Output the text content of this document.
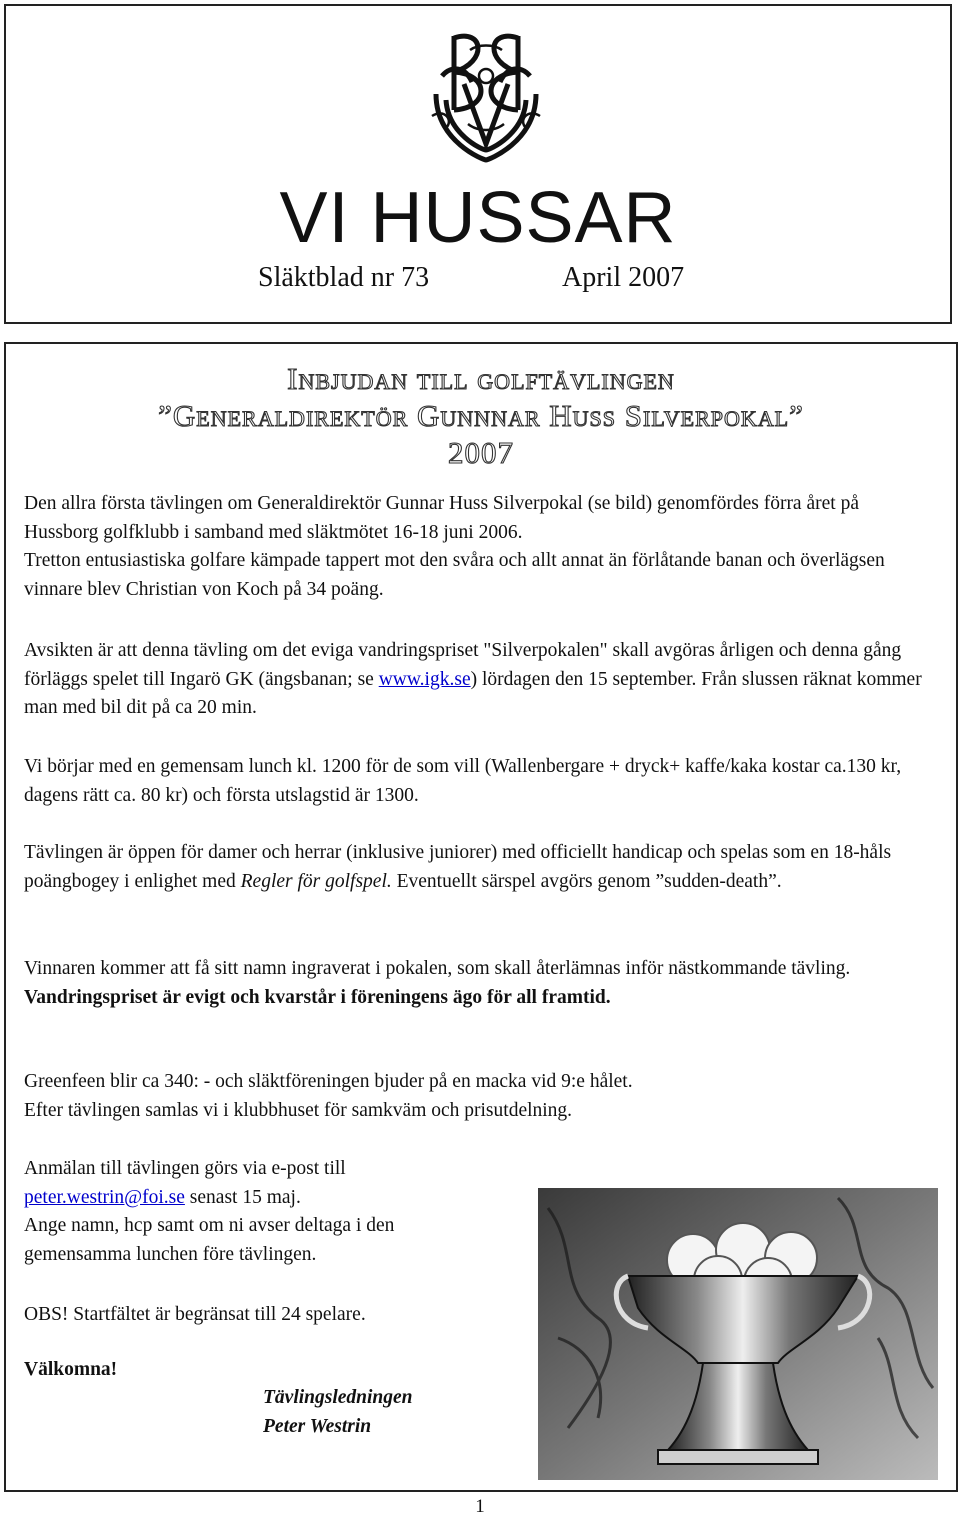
VI HUSSAR
Släktblad nr 73	April 2007
Inbjudan till golftävlingen
”Generaldirektör Gunnnar Huss Silverpokal”
2007

Den allra första tävlingen om Generaldirektör Gunnar Huss Silverpokal (se bild) genomfördes förra året på Hussborg golfklubb i samband med släktmötet 16-18 juni 2006.

Tretton entusiastiska golfare kämpade tappert mot den svåra och allt annat än förlåtande banan och överlägsen vinnare blev Christian von Koch på 34 poäng.

Avsikten är att denna tävling om det eviga vandringspriset "Silverpokalen" skall avgöras årligen och denna gång förläggs spelet till Ingarö GK (ängsbanan; se www.igk.se) lördagen den 15 september. Från slussen räknat kommer man med bil dit på ca 20 min.

Vi börjar med en gemensam lunch kl. 1200 för de som vill (Wallenbergare + dryck+ kaffe/kaka kostar ca.130 kr, dagens rätt ca. 80 kr) och första utslagstid är 1300.

Tävlingen är öppen för damer och herrar (inklusive juniorer) med officiellt handicap och spelas som en 18-håls poängbogey i enlighet med Regler för golfspel. Eventuellt särspel avgörs genom ”sudden-death”.

Vinnaren kommer att få sitt namn ingraverat i pokalen, som skall återlämnas inför nästkommande tävling. Vandringspriset är evigt och kvarstår i föreningens ägo för all framtid.

Greenfeen blir ca 340: - och släktföreningen bjuder på en macka vid 9:e hålet.
Efter tävlingen samlas vi i klubbhuset för samkväm och prisutdelning.

Anmälan till tävlingen görs via e-post till
peter.westrin@foi.se senast 15 maj.
Ange namn, hcp samt om ni avser deltaga i den
gemensamma lunchen före tävlingen.

OBS! Startfältet är begränsat till 24 spelare.

Välkomna!

Tävlingsledningen
Peter Westrin

1
